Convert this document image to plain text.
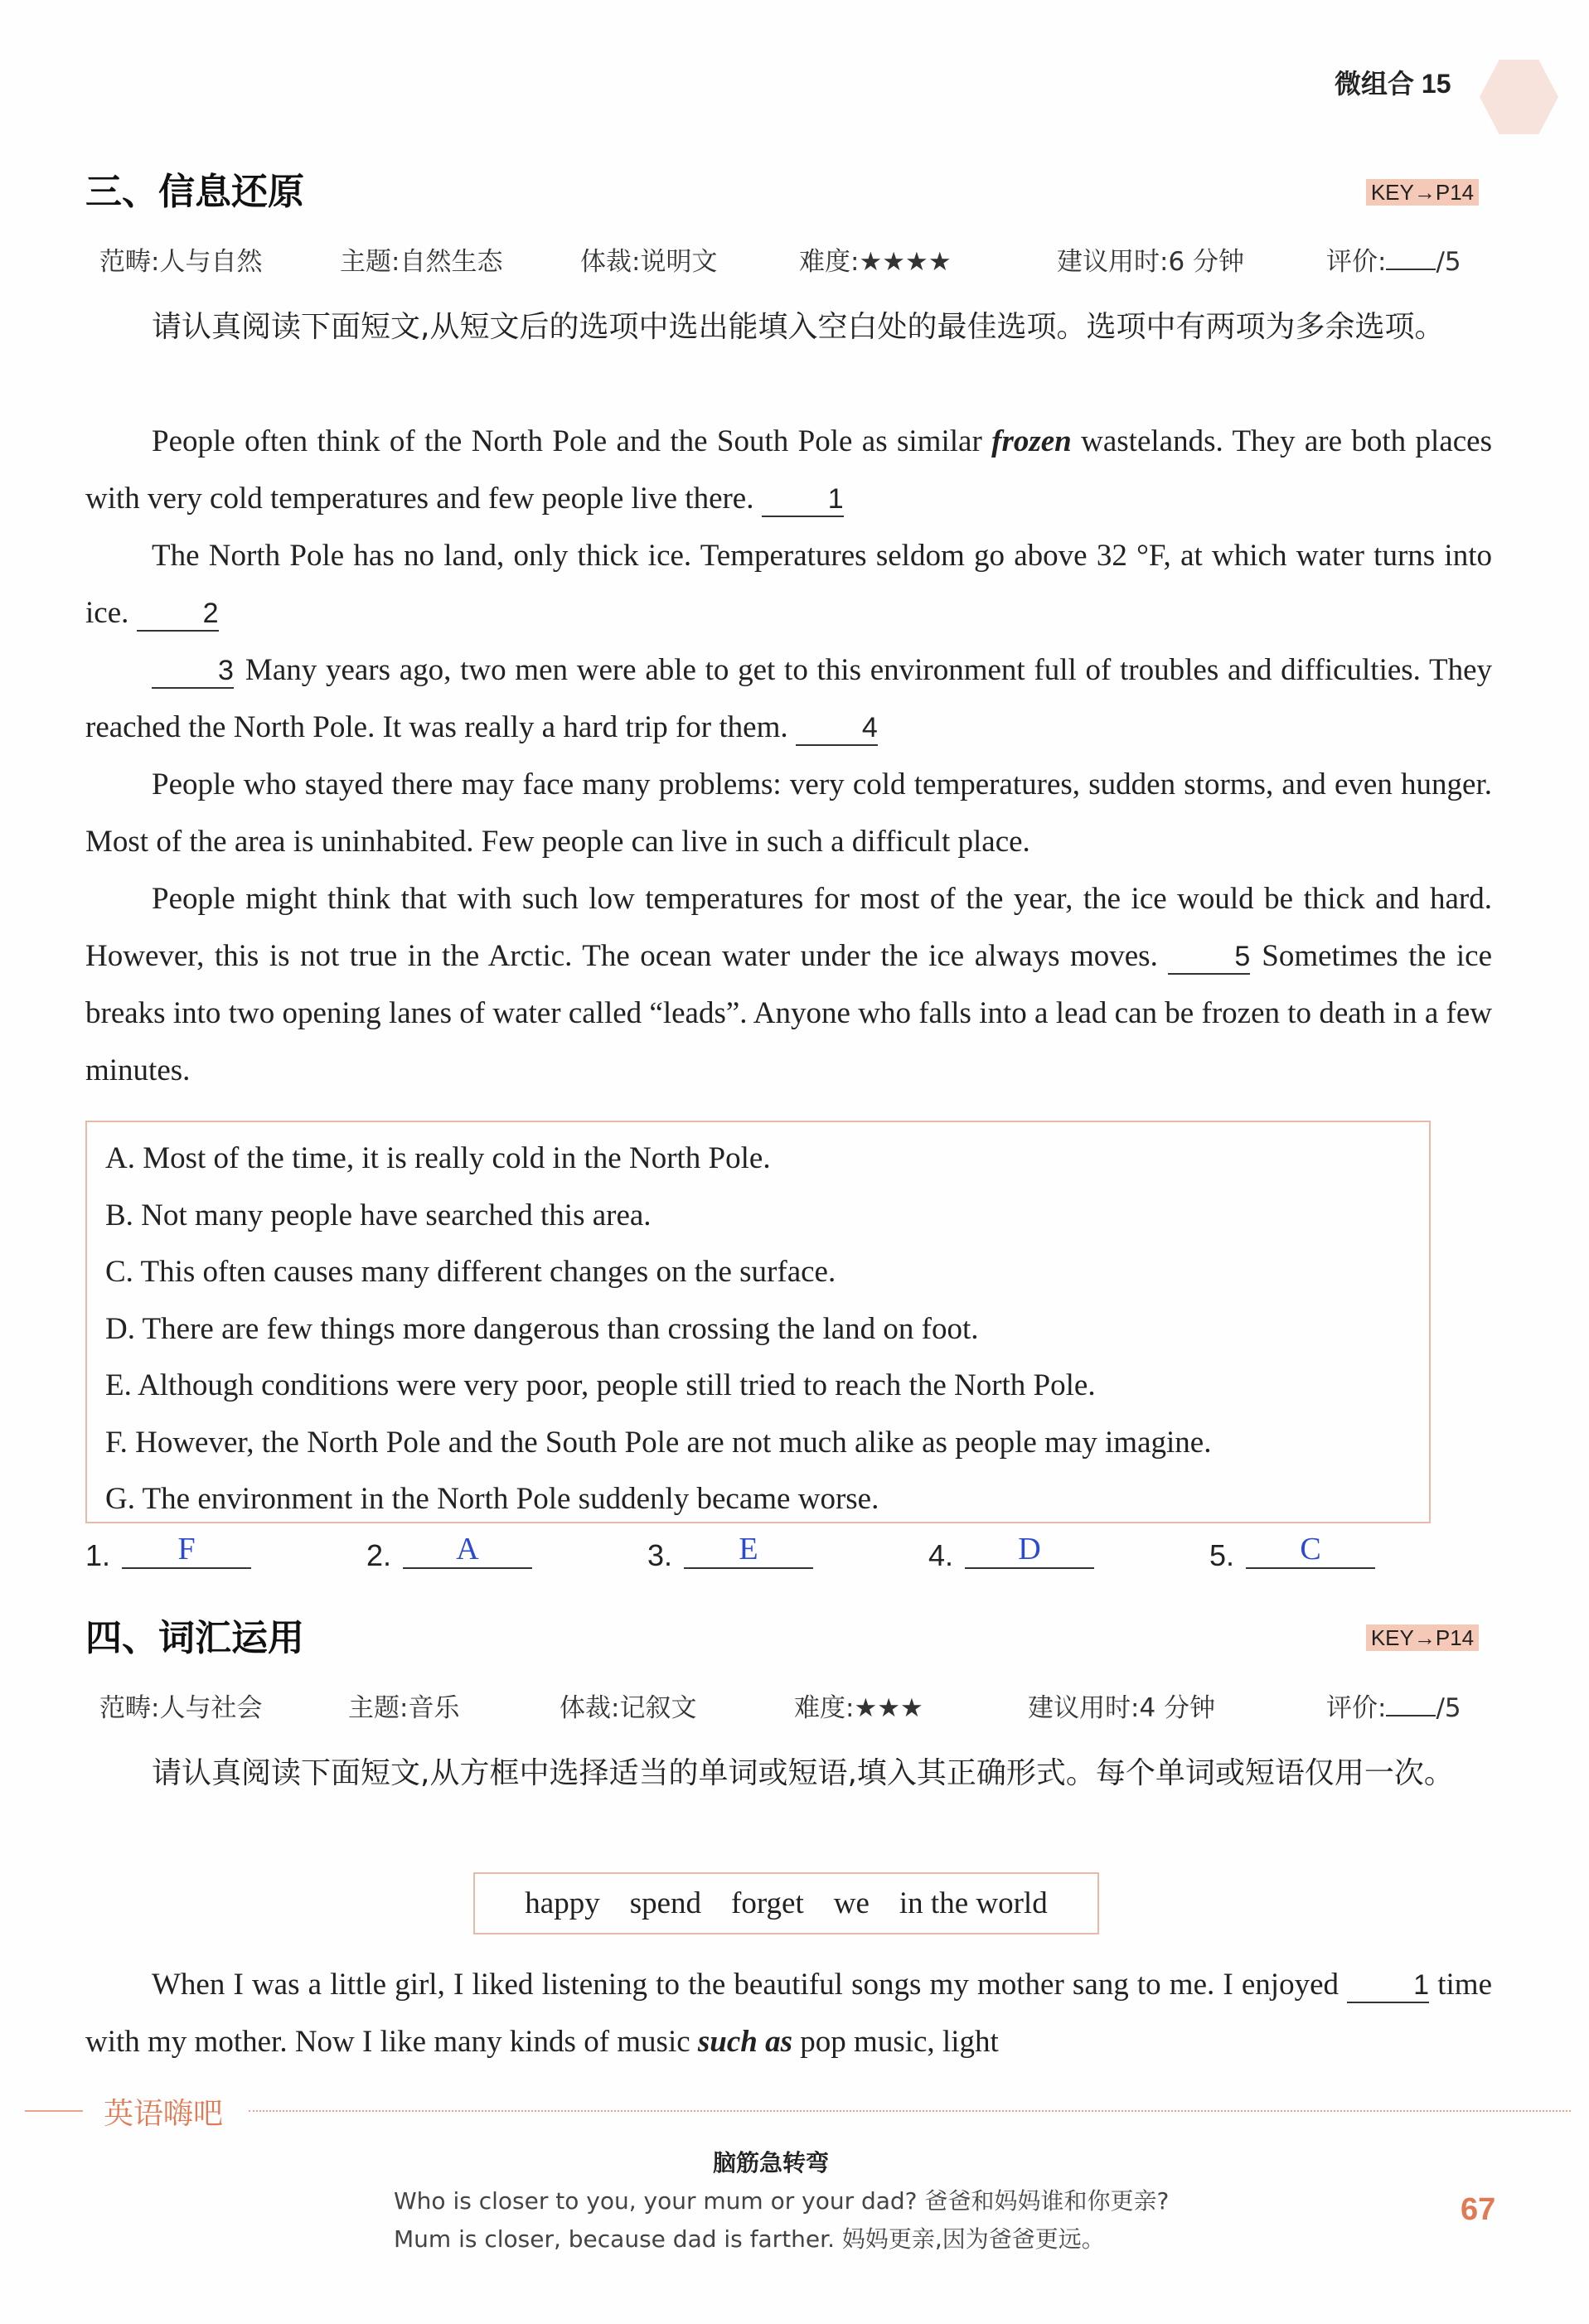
微组合 15
三、信息还原	KEY→P14
范畴:人与自然	主题:自然生态	体裁:说明文	难度:★★★★	建议用时:6 分钟	评价: /5

请认真阅读下面短文,从短文后的选项中选出能填入空白处的最佳选项。选项中有两项为多余选项。

People often think of the North Pole and the South Pole as similar frozen wastelands. They are both places with very cold temperatures and few people live there.	1

The North Pole has no land, only thick ice. Temperatures seldom go above 32 °F, at which water turns into ice.	2

3 Many years ago, two men were able to get to this environment full of troubles and difficulties. They reached the North Pole. It was really a hard trip for them.	4

People who stayed there may face many problems: very cold temperatures, sudden storms, and even hunger. Most of the area is uninhabited. Few people can live in such a difficult place.

People might think that with such low temperatures for most of the year, the ice would be thick and hard. However, this is not true in the Arctic. The ocean water under the ice always moves.	5 Sometimes the ice breaks into two opening lanes of water called “leads”. Anyone who falls into a lead can be frozen to death in a few minutes.

A. Most of the time, it is really cold in the North Pole.
B. Not many people have searched this area.
C. This often causes many different changes on the surface.
D. There are few things more dangerous than crossing the land on foot.
E. Although conditions were very poor, people still tried to reach the North Pole.
F. However, the North Pole and the South Pole are not much alike as people may imagine.
G. The environment in the North Pole suddenly became worse.
1. F	2. A	3. E	4. D	5. C
四、词汇运用	KEY→P14
范畴:人与社会	主题:音乐	体裁:记叙文	难度:★★★	建议用时:4 分钟	评价: /5

请认真阅读下面短文,从方框中选择适当的单词或短语,填入其正确形式。每个单词或短语仅用一次。

happy spend forget we in the world

When I was a little girl, I liked listening to the beautiful songs my mother sang to me. I enjoyed	1 time with my mother. Now I like many kinds of music such as pop music, light

英语嗨吧
脑筋急转弯
Who is closer to you, your mum or your dad? 爸爸和妈妈谁和你更亲?
Mum is closer, because dad is farther. 妈妈更亲,因为爸爸更远。
67
